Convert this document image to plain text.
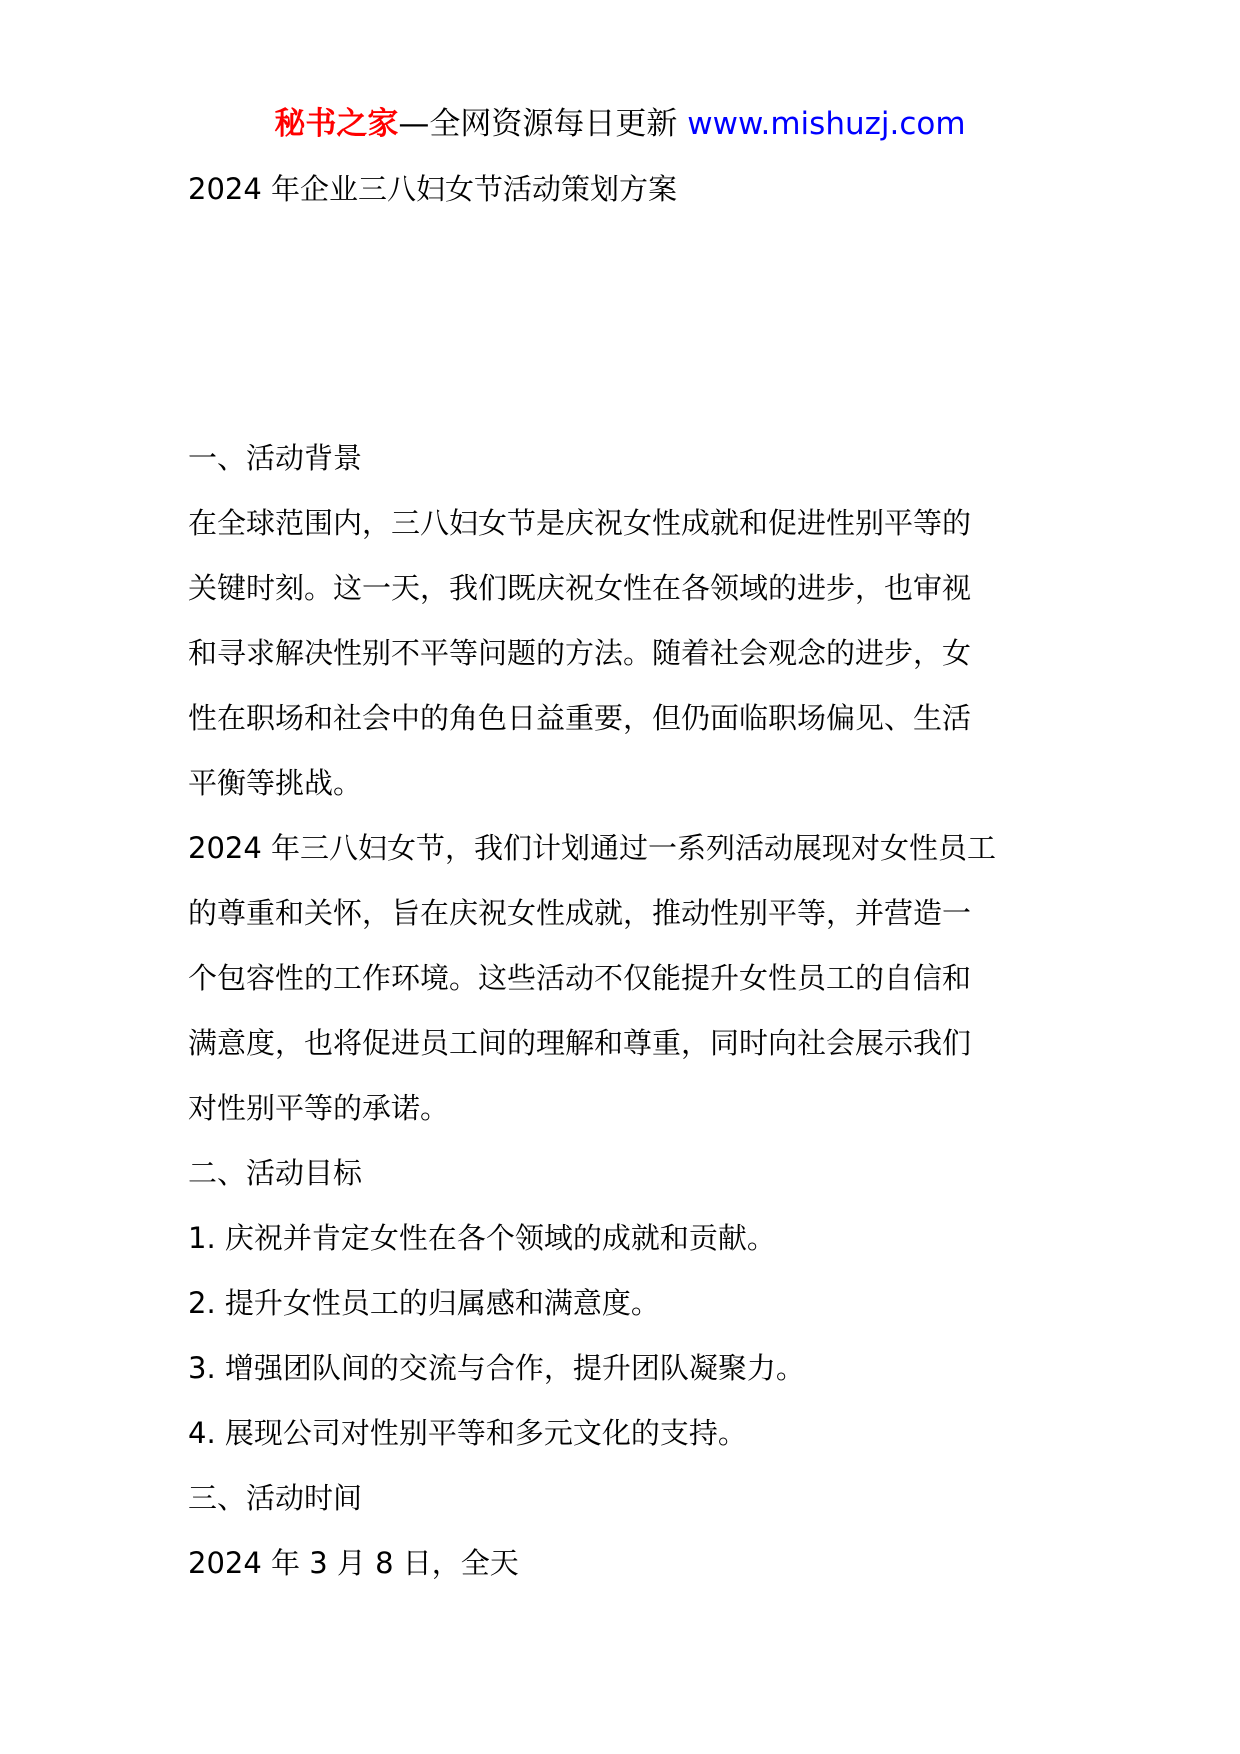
秘书之家—全网资源每日更新 www.mishuzj.com

2024 年企业三八妇女节活动策划方案

一、活动背景

在全球范围内，三八妇女节是庆祝女性成就和促进性别平等的

关键时刻。这一天，我们既庆祝女性在各领域的进步，也审视

和寻求解决性别不平等问题的方法。随着社会观念的进步，女

性在职场和社会中的角色日益重要，但仍面临职场偏见、生活

平衡等挑战。

2024 年三八妇女节，我们计划通过一系列活动展现对女性员工

的尊重和关怀，旨在庆祝女性成就，推动性别平等，并营造一

个包容性的工作环境。这些活动不仅能提升女性员工的自信和

满意度，也将促进员工间的理解和尊重，同时向社会展示我们

对性别平等的承诺。

二、活动目标

1. 庆祝并肯定女性在各个领域的成就和贡献。

2. 提升女性员工的归属感和满意度。

3. 增强团队间的交流与合作，提升团队凝聚力。

4. 展现公司对性别平等和多元文化的支持。

三、活动时间

2024 年 3 月 8 日，全天
